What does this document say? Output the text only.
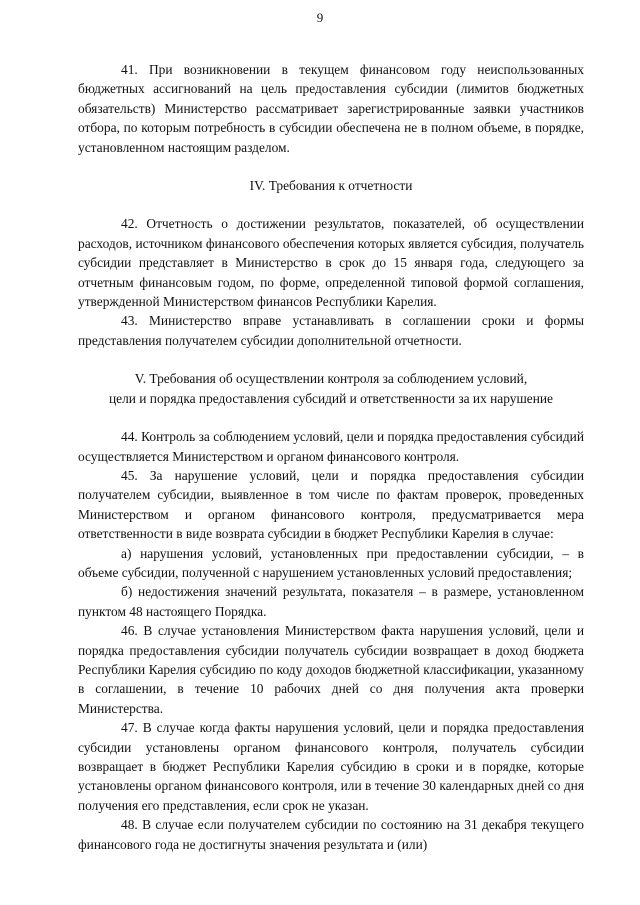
9

41. При возникновении в текущем финансовом году неиспользованных бюджетных ассигнований на цель предоставления субсидии (лимитов бюджетных обязательств) Министерство рассматривает зарегистрированные заявки участников отбора, по которым потребность в субсидии обеспечена не в полном объеме, в порядке, установленном настоящим разделом.

IV. Требования к отчетности

42. Отчетность о достижении результатов, показателей, об осуществлении расходов, источником финансового обеспечения которых является субсидия, получатель субсидии представляет в Министерство в срок до 15 января года, следующего за отчетным финансовым годом, по форме, определенной типовой формой соглашения, утвержденной Министерством финансов Республики Карелия.

43. Министерство вправе устанавливать в соглашении сроки и формы представления получателем субсидии дополнительной отчетности.

V. Требования об осуществлении контроля за соблюдением условий,
цели и порядка предоставления субсидий и ответственности за их нарушение

44. Контроль за соблюдением условий, цели и порядка предоставления субсидий осуществляется Министерством и органом финансового контроля.

45. За нарушение условий, цели и порядка предоставления субсидии получателем субсидии, выявленное в том числе по фактам проверок, проведенных Министерством и органом финансового контроля, предусматривается мера ответственности в виде возврата субсидии в бюджет Республики Карелия в случае:

а) нарушения условий, установленных при предоставлении субсидии, – в объеме субсидии, полученной с нарушением установленных условий предоставления;

б) недостижения значений результата, показателя – в размере, установленном пунктом 48 настоящего Порядка.

46. В случае установления Министерством факта нарушения условий, цели и порядка предоставления субсидии получатель субсидии возвращает в доход бюджета Республики Карелия субсидию по коду доходов бюджетной классификации, указанному в соглашении, в течение 10 рабочих дней со дня получения акта проверки Министерства.

47. В случае когда факты нарушения условий, цели и порядка предоставления субсидии установлены органом финансового контроля, получатель субсидии возвращает в бюджет Республики Карелия субсидию в сроки и в порядке, которые установлены органом финансового контроля, или в течение 30 календарных дней со дня получения его представления, если срок не указан.

48. В случае если получателем субсидии по состоянию на 31 декабря текущего финансового года не достигнуты значения результата и (или)
